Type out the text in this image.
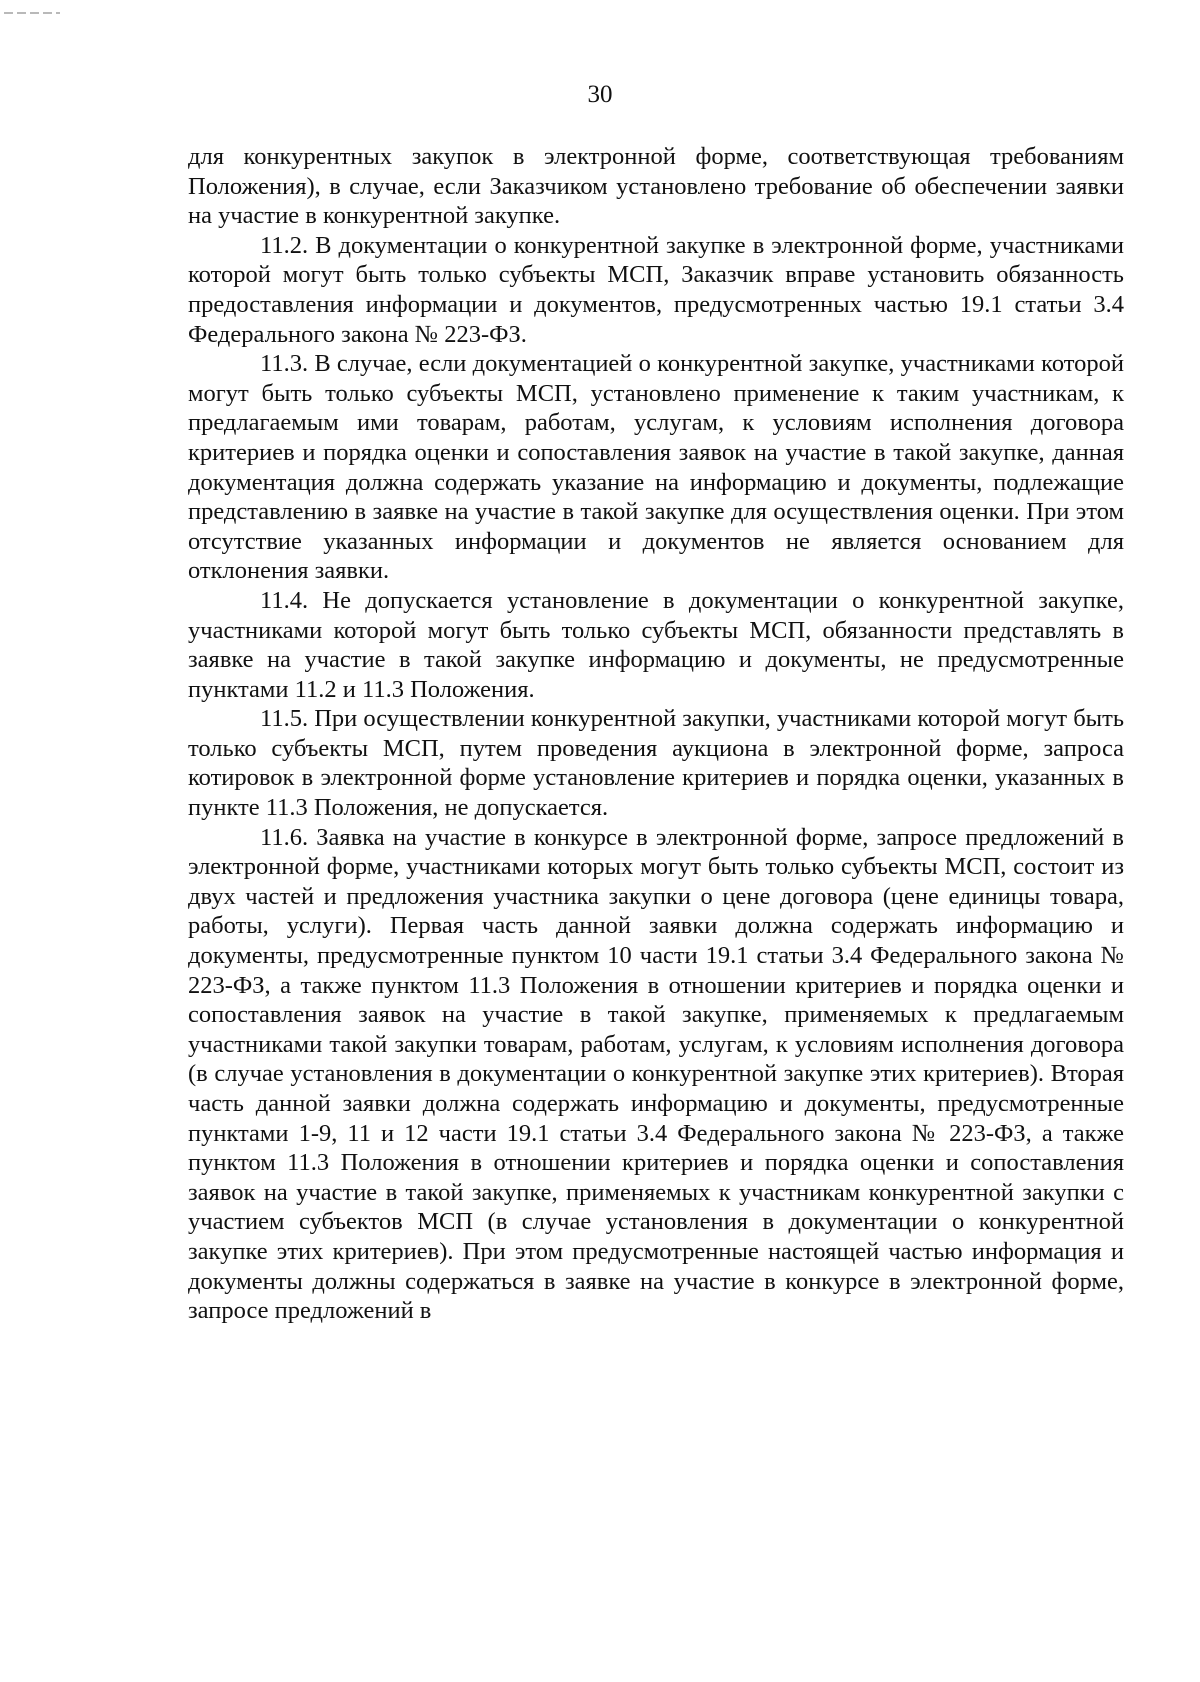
30

для конкурентных закупок в электронной форме, соответствующая требованиям Положения), в случае, если Заказчиком установлено требование об обеспечении заявки на участие в конкурентной закупке.

11.2. В документации о конкурентной закупке в электронной форме, участниками которой могут быть только субъекты МСП, Заказчик вправе установить обязанность предоставления информации и документов, предусмотренных частью 19.1 статьи 3.4 Федерального закона № 223-ФЗ.

11.3. В случае, если документацией о конкурентной закупке, участниками которой могут быть только субъекты МСП, установлено применение к таким участникам, к предлагаемым ими товарам, работам, услугам, к условиям исполнения договора критериев и порядка оценки и сопоставления заявок на участие в такой закупке, данная документация должна содержать указание на информацию и документы, подлежащие представлению в заявке на участие в такой закупке для осуществления оценки. При этом отсутствие указанных информации и документов не является основанием для отклонения заявки.

11.4. Не допускается установление в документации о конкурентной закупке, участниками которой могут быть только субъекты МСП, обязанности представлять в заявке на участие в такой закупке информацию и документы, не предусмотренные пунктами 11.2 и 11.3 Положения.

11.5. При осуществлении конкурентной закупки, участниками которой могут быть только субъекты МСП, путем проведения аукциона в электронной форме, запроса котировок в электронной форме установление критериев и порядка оценки, указанных в пункте 11.3 Положения, не допускается.

11.6. Заявка на участие в конкурсе в электронной форме, запросе предложений в электронной форме, участниками которых могут быть только субъекты МСП, состоит из двух частей и предложения участника закупки о цене договора (цене единицы товара, работы, услуги). Первая часть данной заявки должна содержать информацию и документы, предусмотренные пунктом 10 части 19.1 статьи 3.4 Федерального закона № 223-ФЗ, а также пунктом 11.3 Положения в отношении критериев и порядка оценки и сопоставления заявок на участие в такой закупке, применяемых к предлагаемым участниками такой закупки товарам, работам, услугам, к условиям исполнения договора (в случае установления в документации о конкурентной закупке этих критериев). Вторая часть данной заявки должна содержать информацию и документы, предусмотренные пунктами 1-9, 11 и 12 части 19.1 статьи 3.4 Федерального закона № 223-ФЗ, а также пунктом 11.3 Положения в отношении критериев и порядка оценки и сопоставления заявок на участие в такой закупке, применяемых к участникам конкурентной закупки с участием субъектов МСП (в случае установления в документации о конкурентной закупке этих критериев). При этом предусмотренные настоящей частью информация и документы должны содержаться в заявке на участие в конкурсе в электронной форме, запросе предложений в
